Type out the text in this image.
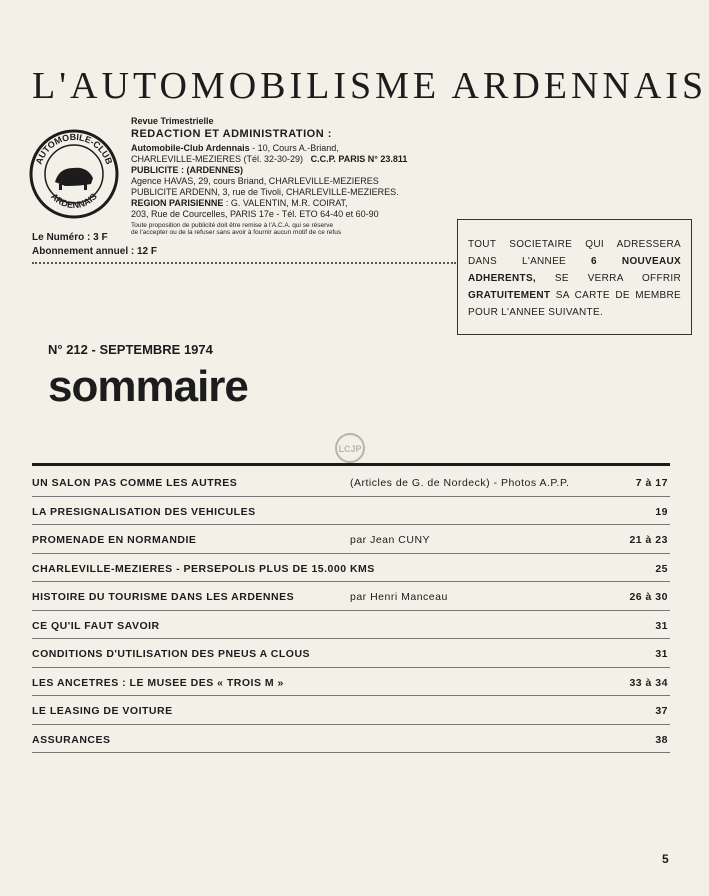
L'AUTOMOBILISME ARDENNAIS
AUTOMOBILE-CLUB
ARDENNAIS
Le Numéro : 3 F
Abonnement annuel : 12 F
Revue Trimestrielle
REDACTION ET ADMINISTRATION :
Automobile-Club Ardennais - 10, Cours A.-Briand,
CHARLEVILLE-MEZIERES (Tél. 32-30-29) C.C.P. PARIS N° 23.811
PUBLICITE : (ARDENNES)
Agence HAVAS, 29, cours Briand, CHARLEVILLE-MEZIERES
PUBLICITE ARDENN, 3, rue de Tivoli, CHARLEVILLE-MEZIERES.
REGION PARISIENNE : G. VALENTIN, M.R. COIRAT,
203, Rue de Courcelles, PARIS 17e - Tél. ETO 64-40 et 60-90
Toute proposition de publicité doit être remise à l'A.C.A. qui se réserve
de l'accepter ou de la refuser sans avoir à fournir aucun motif de ce refus
TOUT SOCIETAIRE QUI ADRESSERA DANS L'ANNEE 6 NOUVEAUX ADHERENTS, SE VERRA OFFRIR GRATUITEMENT SA CARTE DE MEMBRE POUR L'ANNEE SUIVANTE.
N° 212 - SEPTEMBRE 1974
sommaire
LCJP
UN SALON PAS COMME LES AUTRES	(Articles de G. de Nordeck) - Photos A.P.P.	7 à 17
LA PRESIGNALISATION DES VEHICULES	19
PROMENADE EN NORMANDIE	par Jean CUNY	21 à 23
CHARLEVILLE-MEZIERES - PERSEPOLIS PLUS DE 15.000 KMS	25
HISTOIRE DU TOURISME DANS LES ARDENNES	par Henri Manceau	26 à 30
CE QU'IL FAUT SAVOIR	31
CONDITIONS D'UTILISATION DES PNEUS A CLOUS	31
LES ANCETRES : LE MUSEE DES « TROIS M »	33 à 34
LE LEASING DE VOITURE	37
ASSURANCES	38
5
